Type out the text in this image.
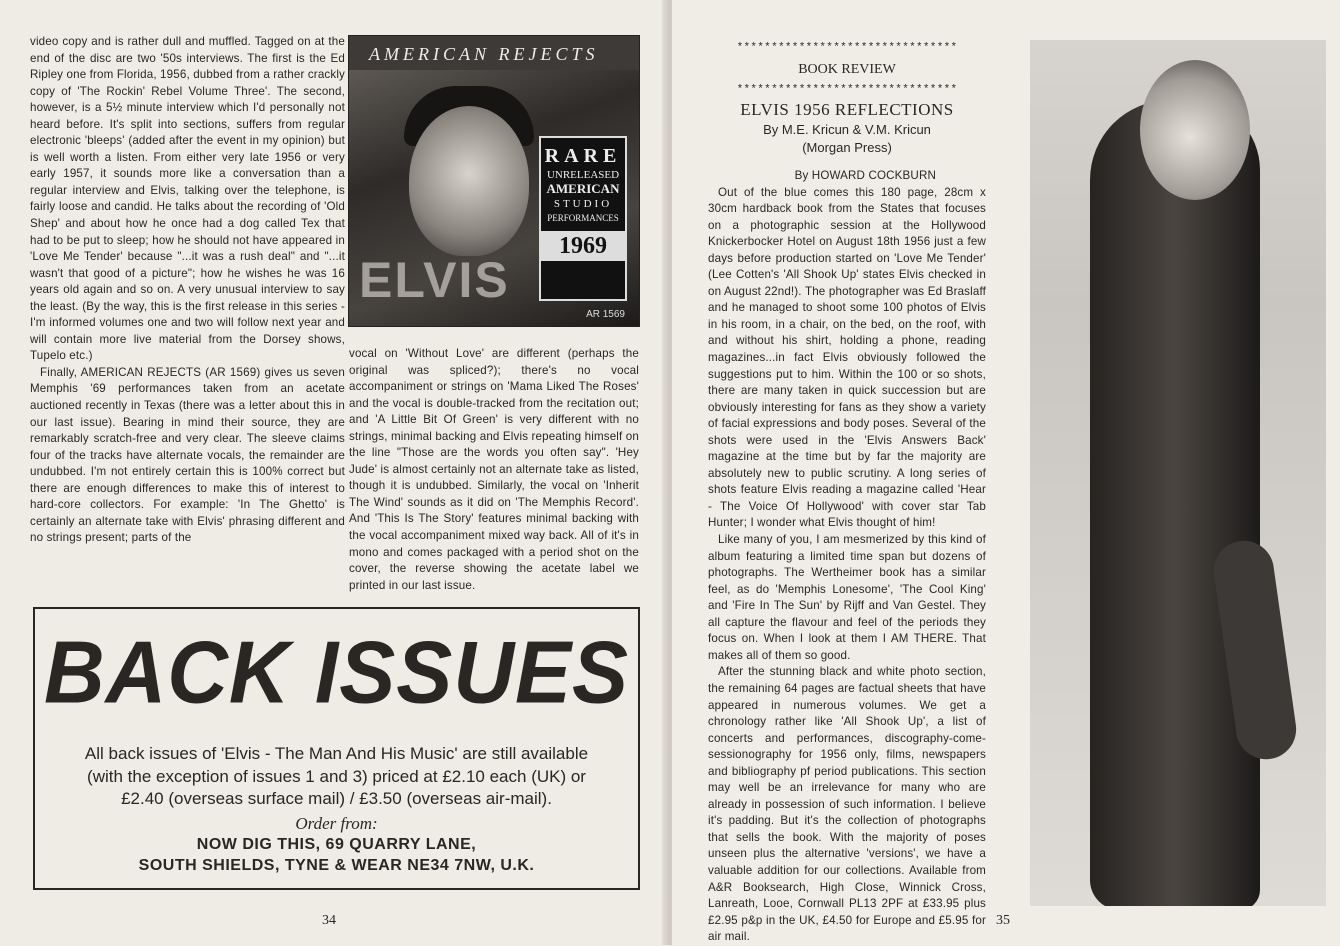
video copy and is rather dull and muffled. Tagged on at the end of the disc are two '50s interviews. The first is the Ed Ripley one from Florida, 1956, dubbed from a rather crackly copy of 'The Rockin' Rebel Volume Three'. The second, however, is a 5½ minute interview which I'd personally not heard before. It's split into sections, suffers from regular electronic 'bleeps' (added after the event in my opinion) but is well worth a listen. From either very late 1956 or very early 1957, it sounds more like a conversation than a regular interview and Elvis, talking over the telephone, is fairly loose and candid. He talks about the recording of 'Old Shep' and about how he once had a dog called Tex that had to be put to sleep; how he should not have appeared in 'Love Me Tender' because "...it was a rush deal" and "...it wasn't that good of a picture"; how he wishes he was 16 years old again and so on. A very unusual interview to say the least. (By the way, this is the first release in this series - I'm informed volumes one and two will follow next year and will contain more live material from the Dorsey shows, Tupelo etc.)

Finally, AMERICAN REJECTS (AR 1569) gives us seven Memphis '69 performances taken from an acetate auctioned recently in Texas (there was a letter about this in our last issue). Bearing in mind their source, they are remarkably scratch-free and very clear. The sleeve claims four of the tracks have alternate vocals, the remainder are undubbed. I'm not entirely certain this is 100% correct but there are enough differences to make this of interest to hard-core collectors. For example: 'In The Ghetto' is certainly an alternate take with Elvis' phrasing different and no strings present; parts of the

AMERICAN REJECTS
RARE
UNRELEASED
AMERICAN
STUDIO
PERFORMANCES
1969
ELVIS
AR 1569

vocal on 'Without Love' are different (perhaps the original was spliced?); there's no vocal accompaniment or strings on 'Mama Liked The Roses' and the vocal is double-tracked from the recitation out; and 'A Little Bit Of Green' is very different with no strings, minimal backing and Elvis repeating himself on the line "Those are the words you often say". 'Hey Jude' is almost certainly not an alternate take as listed, though it is undubbed. Similarly, the vocal on 'Inherit The Wind' sounds as it did on 'The Memphis Record'. And 'This Is The Story' features minimal backing with the vocal accompaniment mixed way back. All of it's in mono and comes packaged with a period shot on the cover, the reverse showing the acetate label we printed in our last issue.

BACK ISSUES
All back issues of 'Elvis - The Man And His Music' are still available (with the exception of issues 1 and 3) priced at £2.10 each (UK) or £2.40 (overseas surface mail) / £3.50 (overseas air-mail).
Order from:
NOW DIG THIS, 69 QUARRY LANE,
SOUTH SHIELDS, TYNE & WEAR NE34 7NW, U.K.
34
********************************
BOOK REVIEW
********************************
ELVIS 1956 REFLECTIONS
By M.E. Kricun & V.M. Kricun
(Morgan Press)

By HOWARD COCKBURN

Out of the blue comes this 180 page, 28cm x 30cm hardback book from the States that focuses on a photographic session at the Hollywood Knickerbocker Hotel on August 18th 1956 just a few days before production started on 'Love Me Tender' (Lee Cotten's 'All Shook Up' states Elvis checked in on August 22nd!). The photographer was Ed Braslaff and he managed to shoot some 100 photos of Elvis in his room, in a chair, on the bed, on the roof, with and without his shirt, holding a phone, reading magazines...in fact Elvis obviously followed the suggestions put to him. Within the 100 or so shots, there are many taken in quick succession but are obviously interesting for fans as they show a variety of facial expressions and body poses. Several of the shots were used in the 'Elvis Answers Back' magazine at the time but by far the majority are absolutely new to public scrutiny. A long series of shots feature Elvis reading a magazine called 'Hear - The Voice Of Hollywood' with cover star Tab Hunter; I wonder what Elvis thought of him!

Like many of you, I am mesmerized by this kind of album featuring a limited time span but dozens of photographs. The Wertheimer book has a similar feel, as do 'Memphis Lonesome', 'The Cool King' and 'Fire In The Sun' by Rijff and Van Gestel. They all capture the flavour and feel of the periods they focus on. When I look at them I AM THERE. That makes all of them so good.

After the stunning black and white photo section, the remaining 64 pages are factual sheets that have appeared in numerous volumes. We get a chronology rather like 'All Shook Up', a list of concerts and performances, discography-come-sessionography for 1956 only, films, newspapers and bibliography pf period publications. This section may well be an irrelevance for many who are already in possession of such information. I believe it's padding. But it's the collection of photographs that sells the book. With the majority of poses unseen plus the alternative 'versions', we have a valuable addition for our collections. Available from A&R Booksearch, High Close, Winnick Cross, Lanreath, Looe, Cornwall PL13 2PF at £33.95 plus £2.95 p&p in the UK, £4.50 for Europe and £5.95 for air mail.

35
